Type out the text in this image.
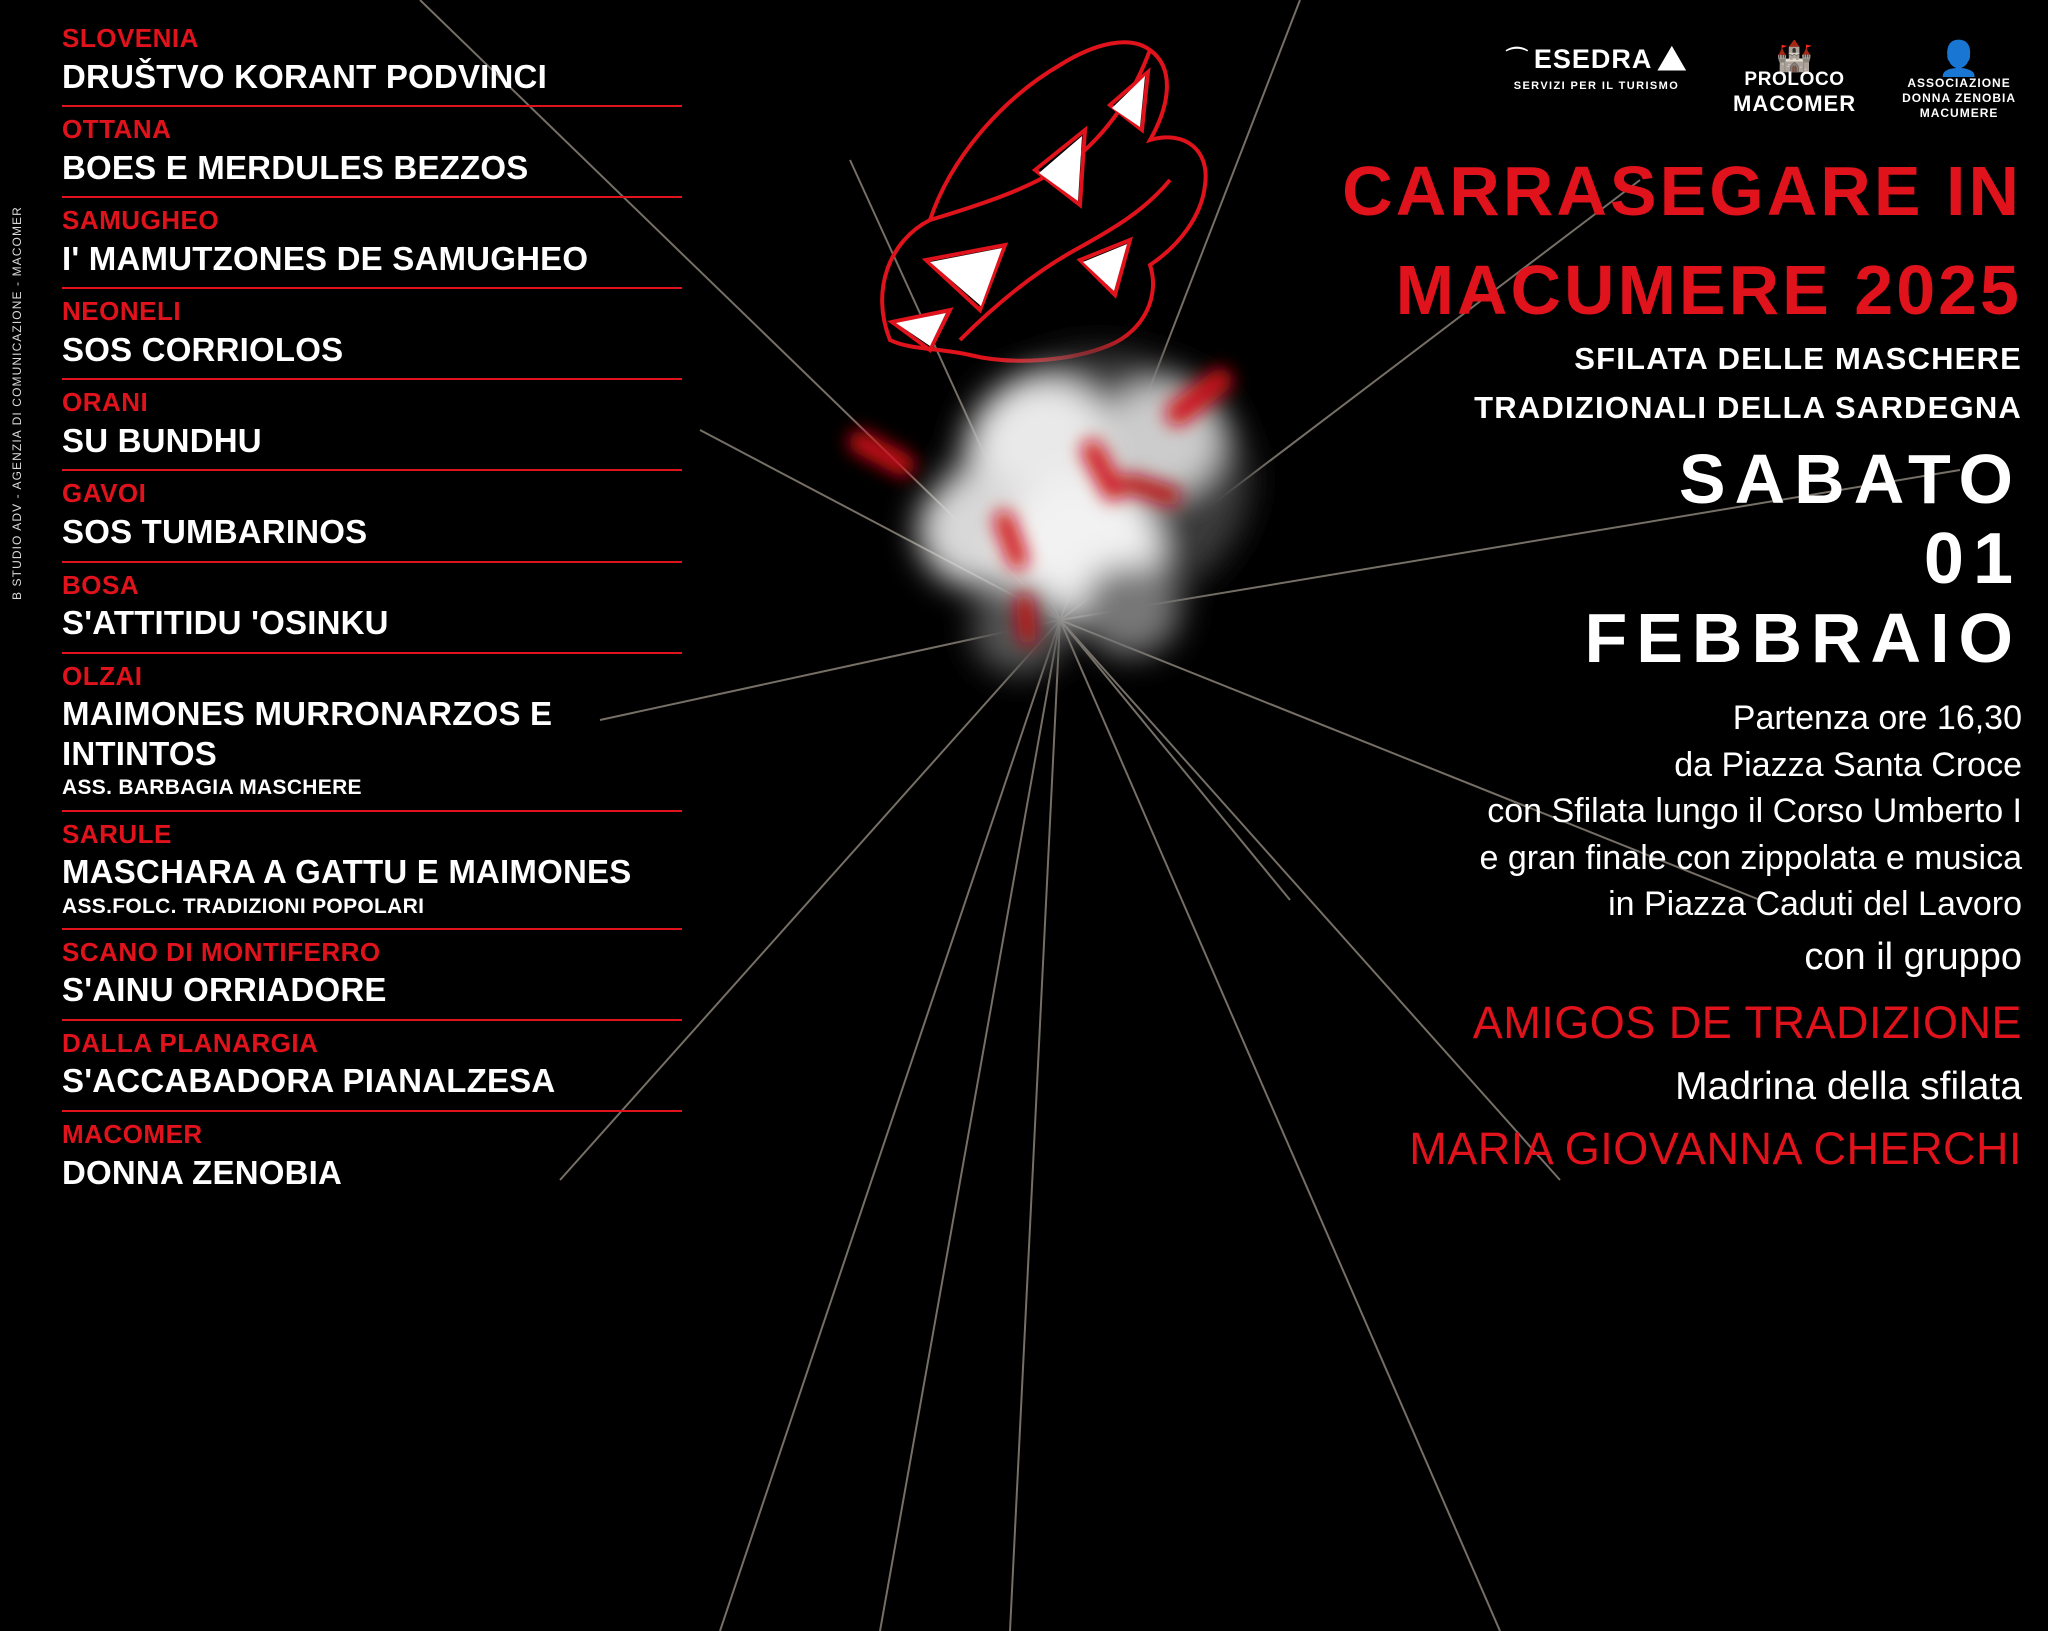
B STUDIO ADV - AGENZIA DI COMUNICAZIONE - MACOMER
SLOVENIA
DRUŠTVO KORANT PODVINCI
OTTANA
BOES E MERDULES BEZZOS
SAMUGHEO
I' MAMUTZONES DE SAMUGHEO
NEONELI
SOS CORRIOLOS
ORANI
SU BUNDHU
GAVOI
SOS TUMBARINOS
BOSA
S'ATTITIDU 'OSINKU
OLZAI
MAIMONES MURRONARZOS E INTINTOS
ASS. BARBAGIA MASCHERE
SARULE
MASCHARA A GATTU E MAIMONES
ASS.FOLC. TRADIZIONI POPOLARI
SCANO DI MONTIFERRO
S'AINU ORRIADORE
DALLA PLANARGIA
S'ACCABADORA PIANALZESA
MACOMER
DONNA ZENOBIA
⌒ ESEDRA ⛰
SERVIZI PER IL TURISMO
🏰
PROLOCO
MACOMER
👤
ASSOCIAZIONE
DONNA ZENOBIA
MACUMERE
CARRASEGARE IN
MACUMERE 2025
SFILATA DELLE MASCHERE
TRADIZIONALI DELLA SARDEGNA
SABATO
01
FEBBRAIO
Partenza ore 16,30
da Piazza Santa Croce
con Sfilata lungo il Corso Umberto I
e gran finale con zippolata e musica
in Piazza Caduti del Lavoro
con il gruppo
AMIGOS DE TRADIZIONE
Madrina della sfilata
MARIA GIOVANNA CHERCHI
